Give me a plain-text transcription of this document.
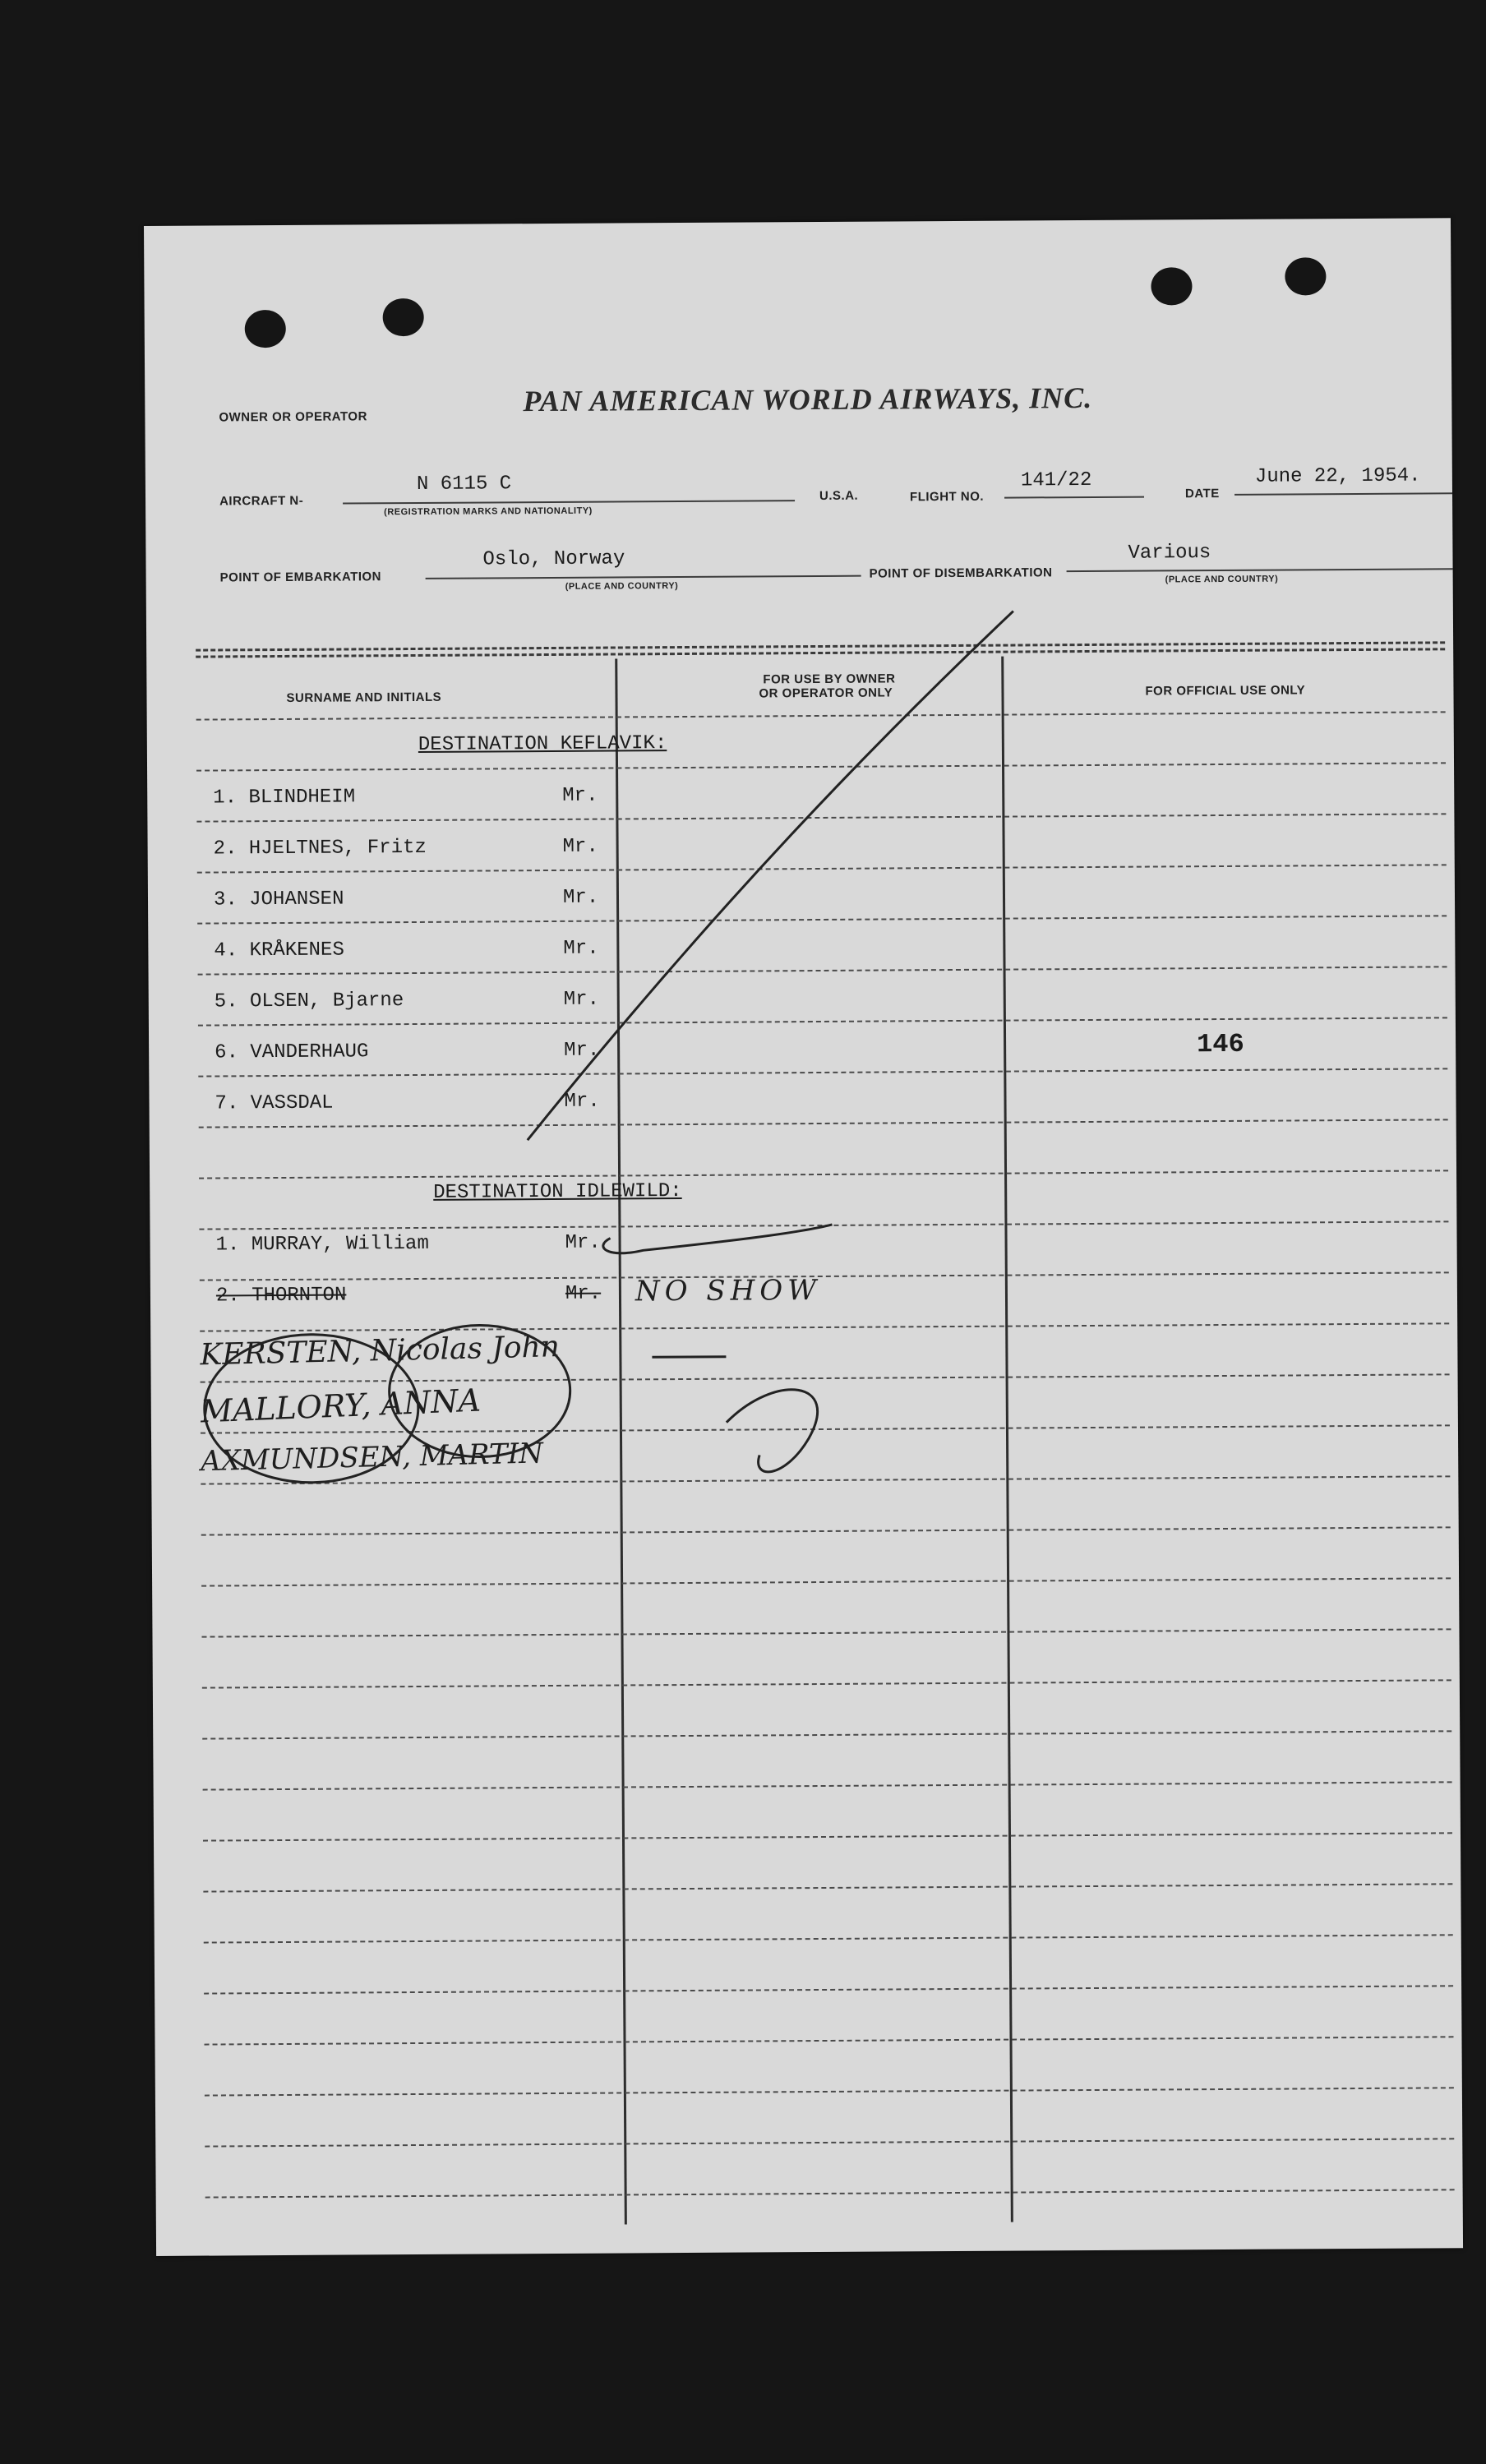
OWNER OR OPERATOR	PAN AMERICAN WORLD AIRWAYS, INC.
AIRCRAFT N-
N 6115 C
(REGISTRATION MARKS AND NATIONALITY)
U.S.A.	FLIGHT NO.
141/22
DATE
June 22, 1954.
POINT OF EMBARKATION
Oslo, Norway
(PLACE AND COUNTRY)
POINT OF DISEMBARKATION
Various
(PLACE AND COUNTRY)
SURNAME AND INITIALS
FOR USE BY OWNER
OR OPERATOR ONLY	FOR OFFICIAL USE ONLY
DESTINATION KEFLAVIK:
1. BLINDHEIM	Mr.
2. HJELTNES, Fritz	Mr.
3. JOHANSEN	Mr.
4. KRÅKENES	Mr.
5. OLSEN, Bjarne	Mr.
6. VANDERHAUG	Mr.
7. VASSDAL	Mr.
146
DESTINATION IDLEWILD:
1. MURRAY, William	Mr.
2. THORNTON	Mr. NO SHOW
KERSTEN, Nicolas John
MALLORY, ANNA
AXMUNDSEN, MARTIN
